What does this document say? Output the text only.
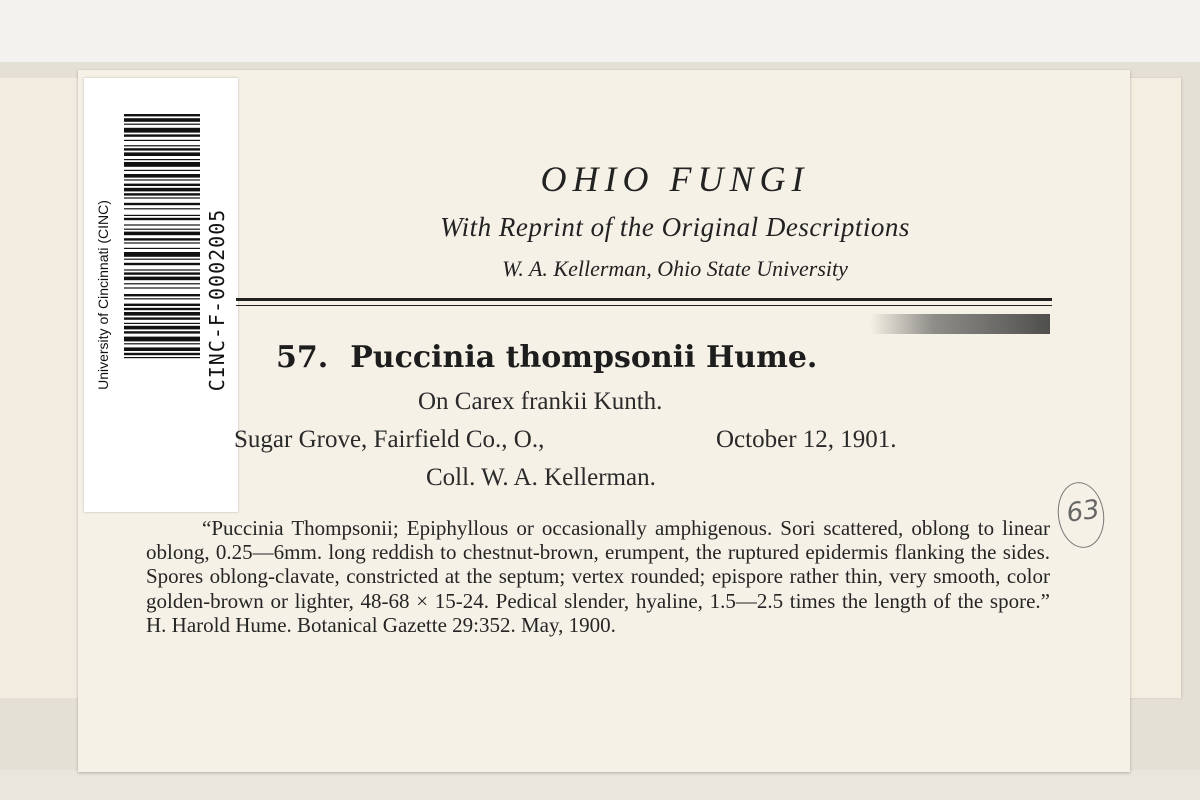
University of Cincinnati (CINC)	CINC-F-0002005
OHIO FUNGI
With Reprint of the Original Descriptions
W. A. Kellerman, Ohio State University
57. Puccinia thompsonii Hume.
On Carex frankii Kunth.
Sugar Grove, Fairfield Co., O.,	October 12, 1901.
Coll. W. A. Kellerman.
63
“Puccinia Thompsonii; Epiphyllous or occasionally amphigenous. Sori scattered, oblong to linear oblong, 0.25—6mm. long reddish to chestnut-brown, erumpent, the ruptured epidermis flanking the sides. Spores oblong-clavate, constricted at the septum; vertex rounded; epispore rather thin, very smooth, color golden-brown or lighter, 48-68 × 15-24. Pedical slender, hyaline, 1.5—2.5 times the length of the spore.” H. Harold Hume. Botanical Gazette 29:352. May, 1900.
